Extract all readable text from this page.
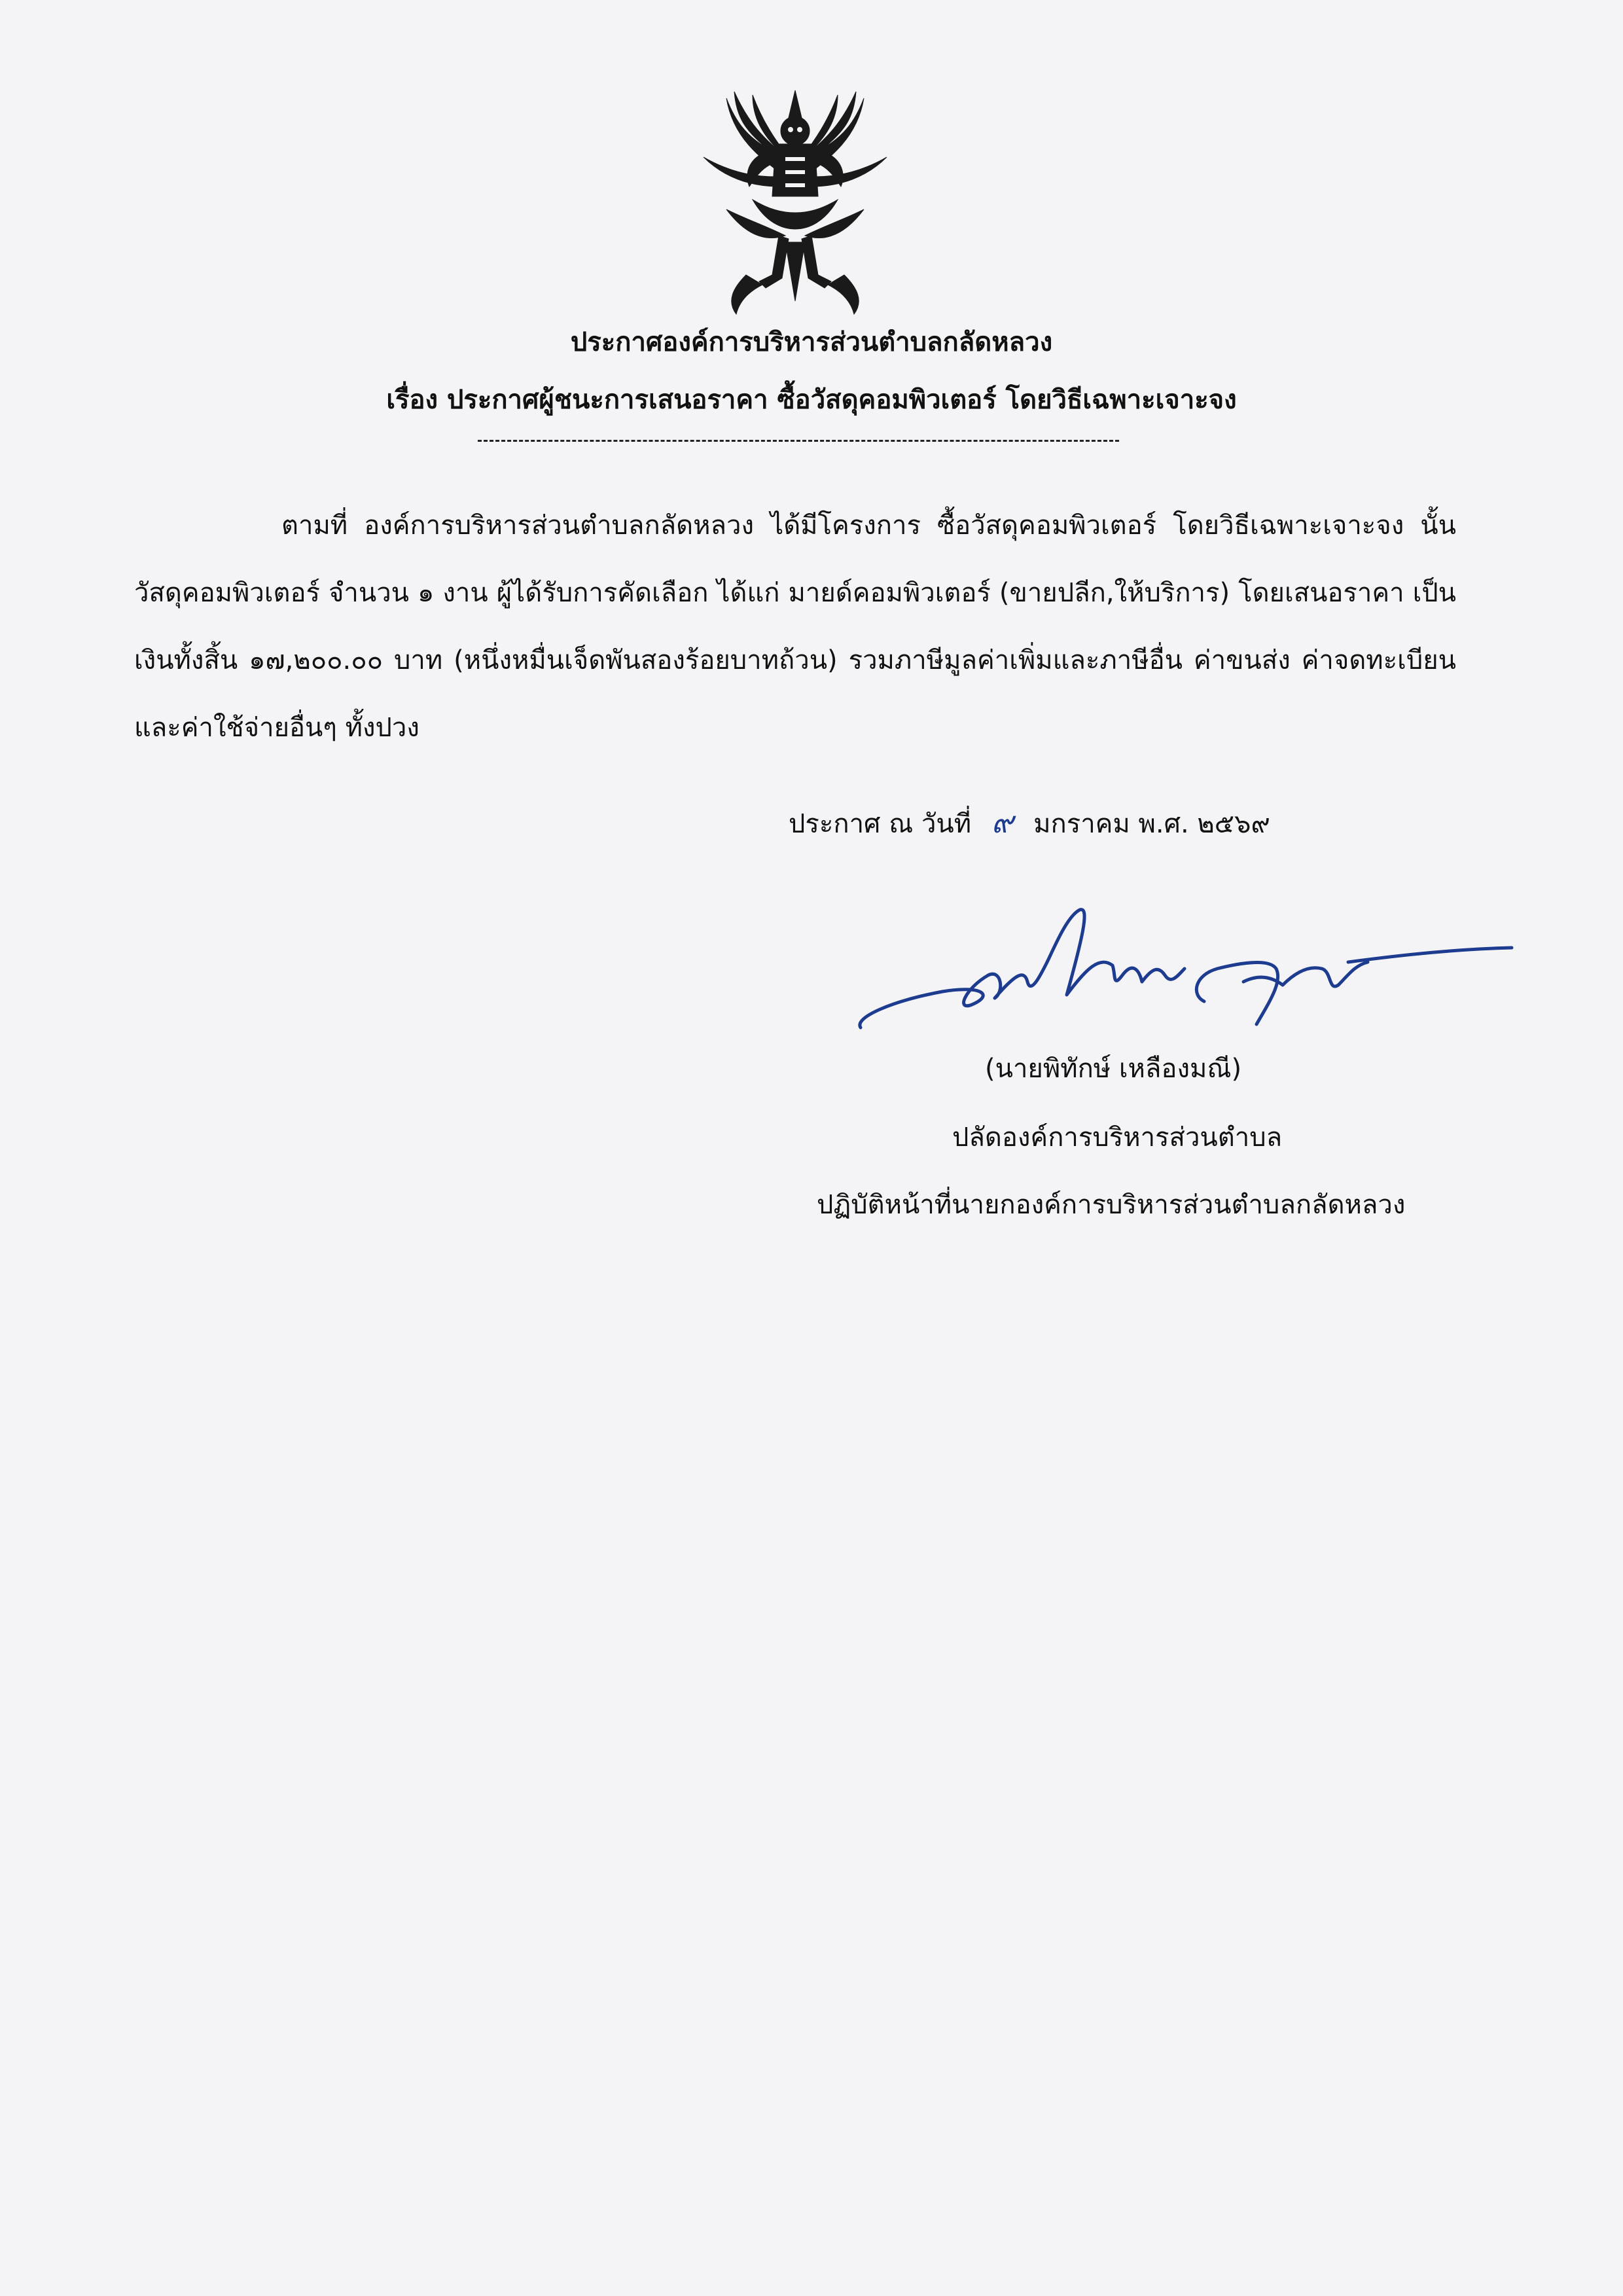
ประกาศองค์การบริหารส่วนตำบลกลัดหลวง
เรื่อง ประกาศผู้ชนะการเสนอราคา ซื้อวัสดุคอมพิวเตอร์ โดยวิธีเฉพาะเจาะจง
ตามที่ องค์การบริหารส่วนตำบลกลัดหลวง ได้มีโครงการ ซื้อวัสดุคอมพิวเตอร์ โดยวิธีเฉพาะเจาะจง นั้น วัสดุคอมพิวเตอร์ จำนวน ๑ งาน ผู้ได้รับการคัดเลือก ได้แก่ มายด์คอมพิวเตอร์ (ขายปลีก,ให้บริการ) โดยเสนอราคา เป็นเงินทั้งสิ้น ๑๗,๒๐๐.๐๐ บาท (หนึ่งหมื่นเจ็ดพันสองร้อยบาทถ้วน) รวมภาษีมูลค่าเพิ่มและภาษีอื่น ค่าขนส่ง ค่าจดทะเบียน และค่าใช้จ่ายอื่นๆ ทั้งปวง
ประกาศ ณ วันที่ ๙ มกราคม พ.ศ. ๒๕๖๙
(นายพิทักษ์ เหลืองมณี)
ปลัดองค์การบริหารส่วนตำบล
ปฏิบัติหน้าที่นายกองค์การบริหารส่วนตำบลกลัดหลวง
